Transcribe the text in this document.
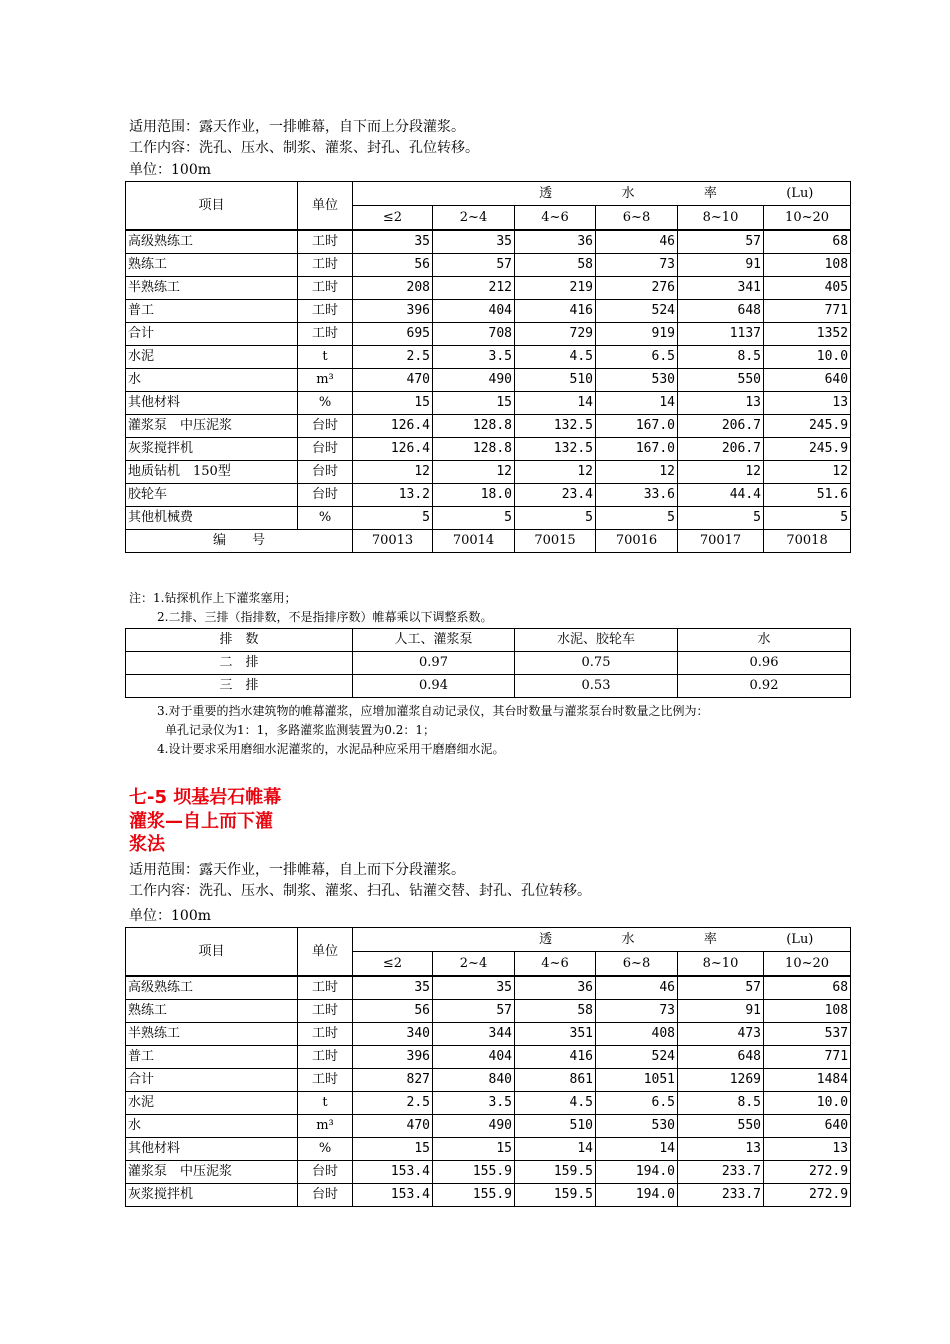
适用范围：露天作业，一排帷幕，自下而上分段灌浆。
工作内容：洗孔、压水、制浆、灌浆、封孔、孔位转移。
单位：100m
项目	单位	透 水 率 (Lu)					

		≤2	2~4	4~6	6~8	8~10	10~20
高级熟练工	工时	35	35	36	46	57	68
熟练工	工时	56	57	58	73	91	108
半熟练工	工时	208	212	219	276	341	405
普工	工时	396	404	416	524	648	771
合计	工时	695	708	729	919	1137	1352
水泥	t	2.5	3.5	4.5	6.5	8.5	10.0
水	m³	470	490	510	530	550	640
其他材料	%	15	15	14	14	13	13
灌浆泵　中压泥浆	台时	126.4	128.8	132.5	167.0	206.7	245.9
灰浆搅拌机	台时	126.4	128.8	132.5	167.0	206.7	245.9
地质钻机　150型	台时	12	12	12	12	12	12
胶轮车	台时	13.2	18.0	23.4	33.6	44.4	51.6
其他机械费	%	5	5	5	5	5	5
编　　号		70013	70014	70015	70016	70017	70018
注：1.钻探机作上下灌浆塞用；
2.二排、三排（指排数，不是指排序数）帷幕乘以下调整系数。
排　数	人工、灌浆泵	水泥、胶轮车	水
二　排	0.97	0.75	0.96
三　排	0.94	0.53	0.92
3.对于重要的挡水建筑物的帷幕灌浆，应增加灌浆自动记录仪，其台时数量与灌浆泵台时数量之比例为：
单孔记录仪为1：1，多路灌浆监测装置为0.2：1；
4.设计要求采用磨细水泥灌浆的，水泥品种应采用干磨磨细水泥。
七-5 坝基岩石帷幕
灌浆—自上而下灌
浆法
适用范围：露天作业，一排帷幕，自上而下分段灌浆。
工作内容：洗孔、压水、制浆、灌浆、扫孔、钻灌交替、封孔、孔位转移。
单位：100m
项目	单位	透 水 率 (Lu)					

		≤2	2~4	4~6	6~8	8~10	10~20
高级熟练工	工时	35	35	36	46	57	68
熟练工	工时	56	57	58	73	91	108
半熟练工	工时	340	344	351	408	473	537
普工	工时	396	404	416	524	648	771
合计	工时	827	840	861	1051	1269	1484
水泥	t	2.5	3.5	4.5	6.5	8.5	10.0
水	m³	470	490	510	530	550	640
其他材料	%	15	15	14	14	13	13
灌浆泵　中压泥浆	台时	153.4	155.9	159.5	194.0	233.7	272.9
灰浆搅拌机	台时	153.4	155.9	159.5	194.0	233.7	272.9
